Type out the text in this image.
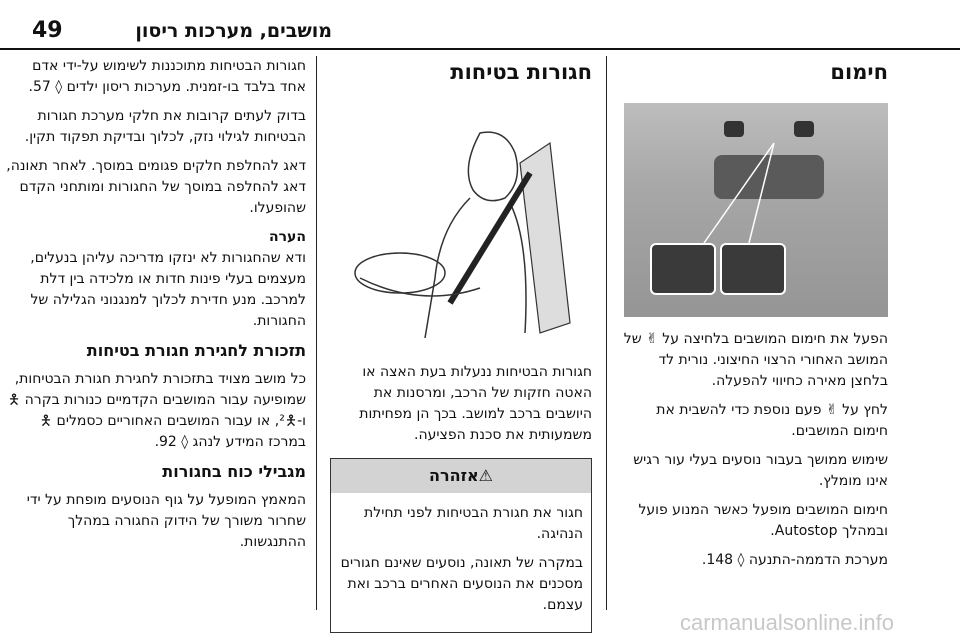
מושבים, מערכות ריסון
49
חימום

הפעל את חימום המושבים בלחיצה על ✌ של המושב האחורי הרצוי החיצוני. נורית לד בלחצן מאירה כחיווי להפעלה.

לחץ על ✌ פעם נוספת כדי להשבית את חימום המושבים.

שימוש ממושך בעבור נוסעים בעלי עור רגיש אינו מומלץ.

חימום המושבים מופעל כאשר המנוע פועל ובמהלך Autostop.

מערכת הדממה-התנעה ◊ 148.

חגורות בטיחות

חגורות הבטיחות ננעלות בעת האצה או האטה חזקות של הרכב, ומרסנות את היושבים ברכב למושב. בכך הן מפחיתות משמעותית את סכנת הפציעה.

⚠אזהרה

חגור את חגורת הבטיחות לפני תחילת הנהיגה.

במקרה של תאונה, נוסעים שאינם חגורים מסכנים את הנוסעים האחרים ברכב ואת עצמם.

חגורות הבטיחות מתוכננות לשימוש על-ידי אדם אחד בלבד בו-זמנית. מערכות ריסון ילדים ◊ 57.

בדוק לעתים קרובות את חלקי מערכת חגורות הבטיחות לגילוי נזק, לכלוך ובדיקת תפקוד תקין.

דאג להחלפת חלקים פגומים במוסך. לאחר תאונה, דאג להחלפה במוסך של החגורות ומותחני הקדם שהופעלו.

הערה

ודא שהחגורות לא ינזקו מדריכה עליהן בנעלים, מעצמים בעלי פינות חדות או מלכידה בין דלת למרכב. מנע חדירת לכלוך למנגנוני הגלילה של החגורות.

תזכורת לחגירת חגורת בטיחות

כל מושב מצויד בתזכורת לחגירת חגורת הבטיחות, שמופיעה עבור המושבים הקדמיים כנורות בקרה 🯅 ו-🯅², או עבור המושבים האחוריים כסמלים 🯅 במרכז המידע לנהג ◊ 92.

מגבילי כוח בחגורות

המאמץ המופעל על גוף הנוסעים מופחת על ידי שחרור משורך של הידוק החגורה במהלך ההתנגשות.

carmanualsonline.info
